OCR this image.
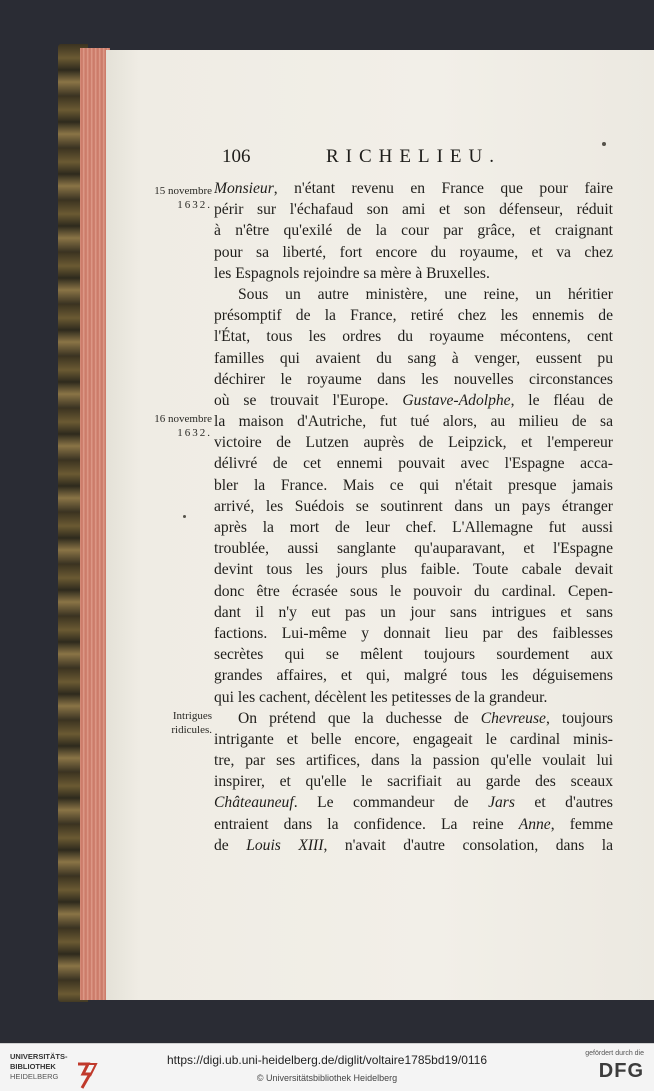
106	RICHELIEU.
15 novembre
1632.
16 novembre
1632.
Intrigues
ridicules.
Monsieur, n'étant revenu en France que pour faire
périr sur l'échafaud son ami et son défenseur, réduit
à n'être qu'exilé de la cour par grâce, et craignant
pour sa liberté, fort encore du royaume, et va chez
les Espagnols rejoindre sa mère à Bruxelles.
Sous un autre ministère, une reine, un héritier
présomptif de la France, retiré chez les ennemis de
l'État, tous les ordres du royaume mécontens, cent
familles qui avaient du sang à venger, eussent pu
déchirer le royaume dans les nouvelles circonstances
où se trouvait l'Europe. Gustave-Adolphe, le fléau de
la maison d'Autriche, fut tué alors, au milieu de sa
victoire de Lutzen auprès de Leipzick, et l'empereur
délivré de cet ennemi pouvait avec l'Espagne acca-
bler la France. Mais ce qui n'était presque jamais
arrivé, les Suédois se soutinrent dans un pays étranger
après la mort de leur chef. L'Allemagne fut aussi
troublée, aussi sanglante qu'auparavant, et l'Espagne
devint tous les jours plus faible. Toute cabale devait
donc être écrasée sous le pouvoir du cardinal. Cepen-
dant il n'y eut pas un jour sans intrigues et sans
factions. Lui-même y donnait lieu par des faiblesses
secrètes qui se mêlent toujours sourdement aux
grandes affaires, et qui, malgré tous les déguisemens
qui les cachent, décèlent les petitesses de la grandeur.
On prétend que la duchesse de Chevreuse, toujours
intrigante et belle encore, engageait le cardinal minis-
tre, par ses artifices, dans la passion qu'elle voulait lui
inspirer, et qu'elle le sacrifiait au garde des sceaux
Châteauneuf. Le commandeur de Jars et d'autres
entraient dans la confidence. La reine Anne, femme
de Louis XIII, n'avait d'autre consolation, dans la
UNIVERSITÄTS-
BIBLIOTHEK
HEIDELBERG
https://digi.ub.uni-heidelberg.de/diglit/voltaire1785bd19/0116
© Universitätsbibliothek Heidelberg
gefördert durch die
DFG
